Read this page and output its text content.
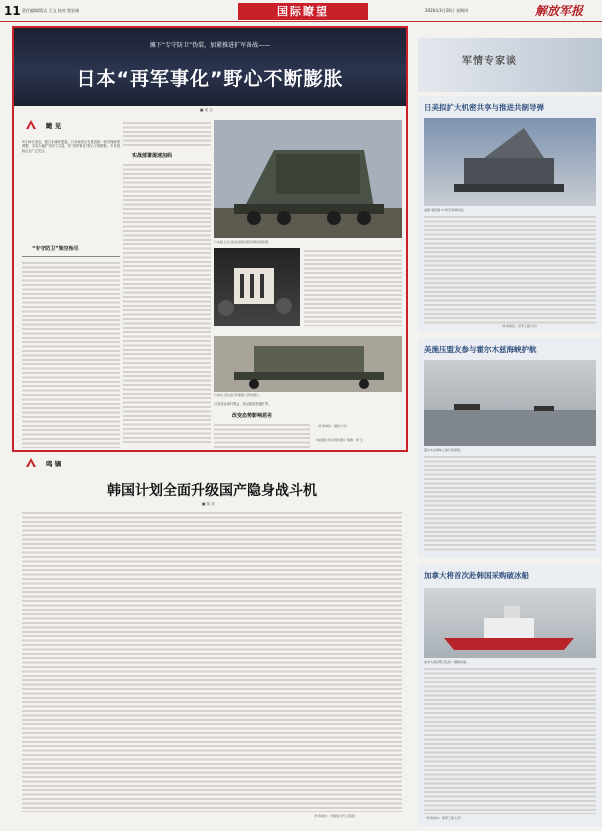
11 责任编辑/版式 王文 校对 程宏刚	国际瞭望	2026年3月26日 星期四	解放军报
摊下“专守防卫”伪装，加紧推进扩军备战——
日本“再军事化”野心不断膨胀
■ 周 玉
瞰 见
3月16日消息，据日本媒体透露，日本政府正在推进新一轮安保政策调整，寻求大幅扩充防卫力量，其“再军事化”野心不断膨胀，引发国际社会广泛关注。
“专守防卫”架空殆尽
实战部署提速加码
日本陆上自卫队装备的远程导弹发射装置。
日本自卫队进行军事演习资料图片。
改变态势影响恶劣
日本民众举行集会，抗议政府加速扩军。
（作者单位：国防大学）
本版图片均为资料图片 制图：周 玉
鸣 镝
韩国计划全面升级国产隐身战斗机
■ 陈 冲
（作者单位：中国航天科工集团）
军情专家谈
日美拟扩大机密共享与推进共制导弹
美国“爱国者-3”防空导弹系统。
（作者单位：空军工程大学）
美施压盟友参与霍尔木兹海峡护航
霍尔木兹海峡上航行的商船。
加拿大将首次赴韩国采购破冰船
加拿大海岸警卫队的一艘破冰船。
（作者单位：海军工程大学）
